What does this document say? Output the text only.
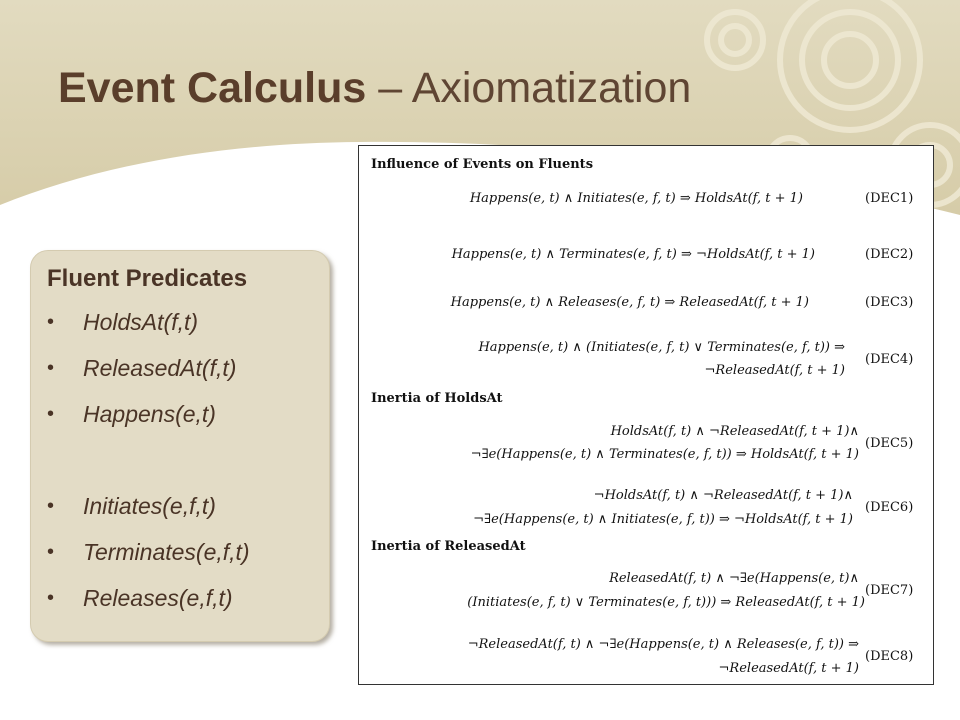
Event Calculus – Axiomatization
Fluent Predicates
• HoldsAt(f,t)
• ReleasedAt(f,t)
• Happens(e,t)
• Initiates(e,f,t)
• Terminates(e,f,t)
• Releases(e,f,t)
Influence of Events on Fluents
Happens(e, t) ∧ Initiates(e, f, t) ⇒ HoldsAt(f, t + 1)	(DEC1)
Happens(e, t) ∧ Terminates(e, f, t) ⇒ ¬HoldsAt(f, t + 1)	(DEC2)
Happens(e, t) ∧ Releases(e, f, t) ⇒ ReleasedAt(f, t + 1)	(DEC3)
Happens(e, t) ∧ (Initiates(e, f, t) ∨ Terminates(e, f, t)) ⇒
¬ReleasedAt(f, t + 1)
(DEC4)
Inertia of HoldsAt
HoldsAt(f, t) ∧ ¬ReleasedAt(f, t + 1)∧
¬∃e(Happens(e, t) ∧ Terminates(e, f, t)) ⇒ HoldsAt(f, t + 1)
(DEC5)
¬HoldsAt(f, t) ∧ ¬ReleasedAt(f, t + 1)∧
¬∃e(Happens(e, t) ∧ Initiates(e, f, t)) ⇒ ¬HoldsAt(f, t + 1)
(DEC6)
Inertia of ReleasedAt
ReleasedAt(f, t) ∧ ¬∃e(Happens(e, t)∧
(Initiates(e, f, t) ∨ Terminates(e, f, t))) ⇒ ReleasedAt(f, t + 1)
(DEC7)
¬ReleasedAt(f, t) ∧ ¬∃e(Happens(e, t) ∧ Releases(e, f, t)) ⇒
¬ReleasedAt(f, t + 1)
(DEC8)
